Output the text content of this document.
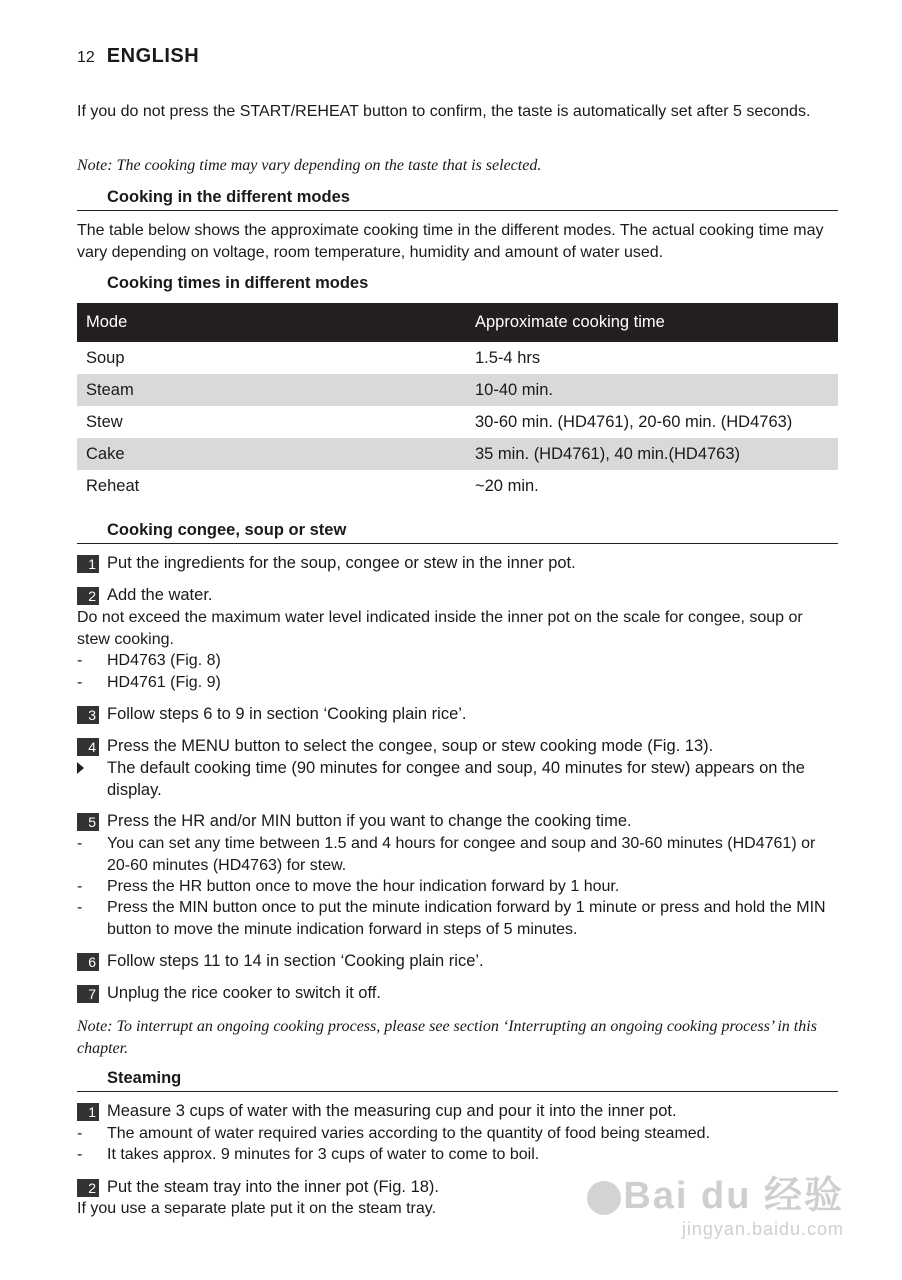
12 ENGLISH
If you do not press the START/REHEAT button to confirm, the taste is automatically set after 5 seconds.
Note: The cooking time may vary depending on the taste that is selected.
Cooking in the different modes
The table below shows the approximate cooking time in the different modes. The actual cooking time may vary depending on voltage, room temperature, humidity and amount of water used.
Cooking times in different modes
Mode	Approximate cooking time
Soup	1.5-4 hrs
Steam	10-40 min.
Stew	30-60 min. (HD4761), 20-60 min. (HD4763)
Cake	35 min. (HD4761), 40 min.(HD4763)
Reheat	~20 min.
Cooking congee, soup or stew
1 Put the ingredients for the soup, congee or stew in the inner pot.
2 Add the water.
Do not exceed the maximum water level indicated inside the inner pot on the scale for congee, soup or stew cooking.
- HD4763 (Fig. 8)
- HD4761 (Fig. 9)
3 Follow steps 6 to 9 in section ‘Cooking plain rice’.
4 Press the MENU button to select the congee, soup or stew cooking mode (Fig. 13).
The default cooking time (90 minutes for congee and soup, 40 minutes for stew) appears on the display.
5 Press the HR and/or MIN button if you want to change the cooking time.
- You can set any time between 1.5 and 4 hours for congee and soup and 30-60 minutes (HD4761) or 20-60 minutes (HD4763) for stew.
- Press the HR button once to move the hour indication forward by 1 hour.
- Press the MIN button once to put the minute indication forward by 1 minute or press and hold the MIN button to move the minute indication forward in steps of 5 minutes.
6 Follow steps 11 to 14 in section ‘Cooking plain rice’.
7 Unplug the rice cooker to switch it off.
Note: To interrupt an ongoing cooking process, please see section ‘Interrupting an ongoing cooking process’ in this chapter.
Steaming
1 Measure 3 cups of water with the measuring cup and pour it into the inner pot.
- The amount of water required varies according to the quantity of food being steamed.
- It takes approx. 9 minutes for 3 cups of water to come to boil.
2 Put the steam tray into the inner pot (Fig. 18).
If you use a separate plate put it on the steam tray.	Bai du 经验
jingyan.baidu.com
